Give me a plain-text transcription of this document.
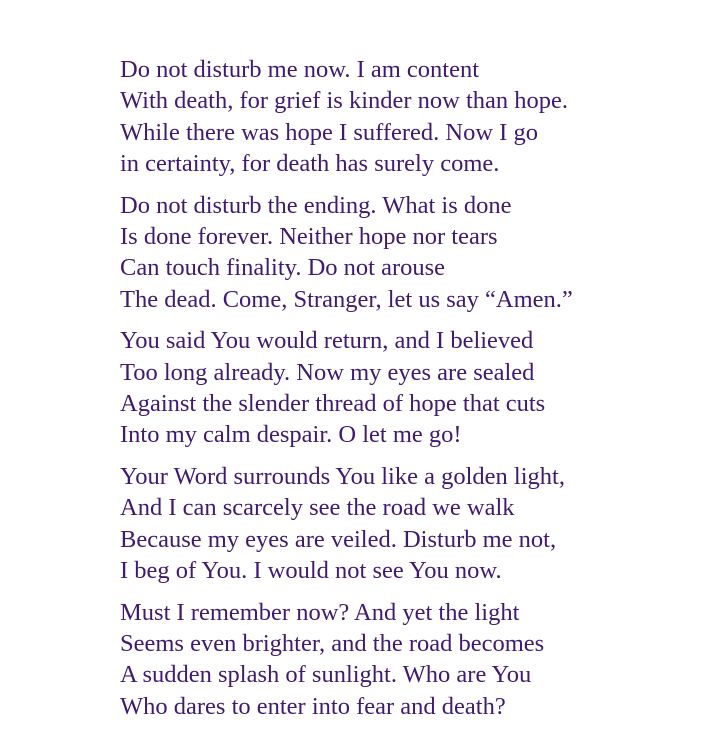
Do not disturb me now. I am content
With death, for grief is kinder now than hope.
While there was hope I suffered. Now I go
in certainty, for death has surely come.
Do not disturb the ending. What is done
Is done forever. Neither hope nor tears
Can touch finality. Do not arouse
The dead. Come, Stranger, let us say “Amen.”
You said You would return, and I believed
Too long already. Now my eyes are sealed
Against the slender thread of hope that cuts
Into my calm despair. O let me go!
Your Word surrounds You like a golden light,
And I can scarcely see the road we walk
Because my eyes are veiled. Disturb me not,
I beg of You. I would not see You now.
Must I remember now? And yet the light
Seems even brighter, and the road becomes
A sudden splash of sunlight. Who are You
Who dares to enter into fear and death?
